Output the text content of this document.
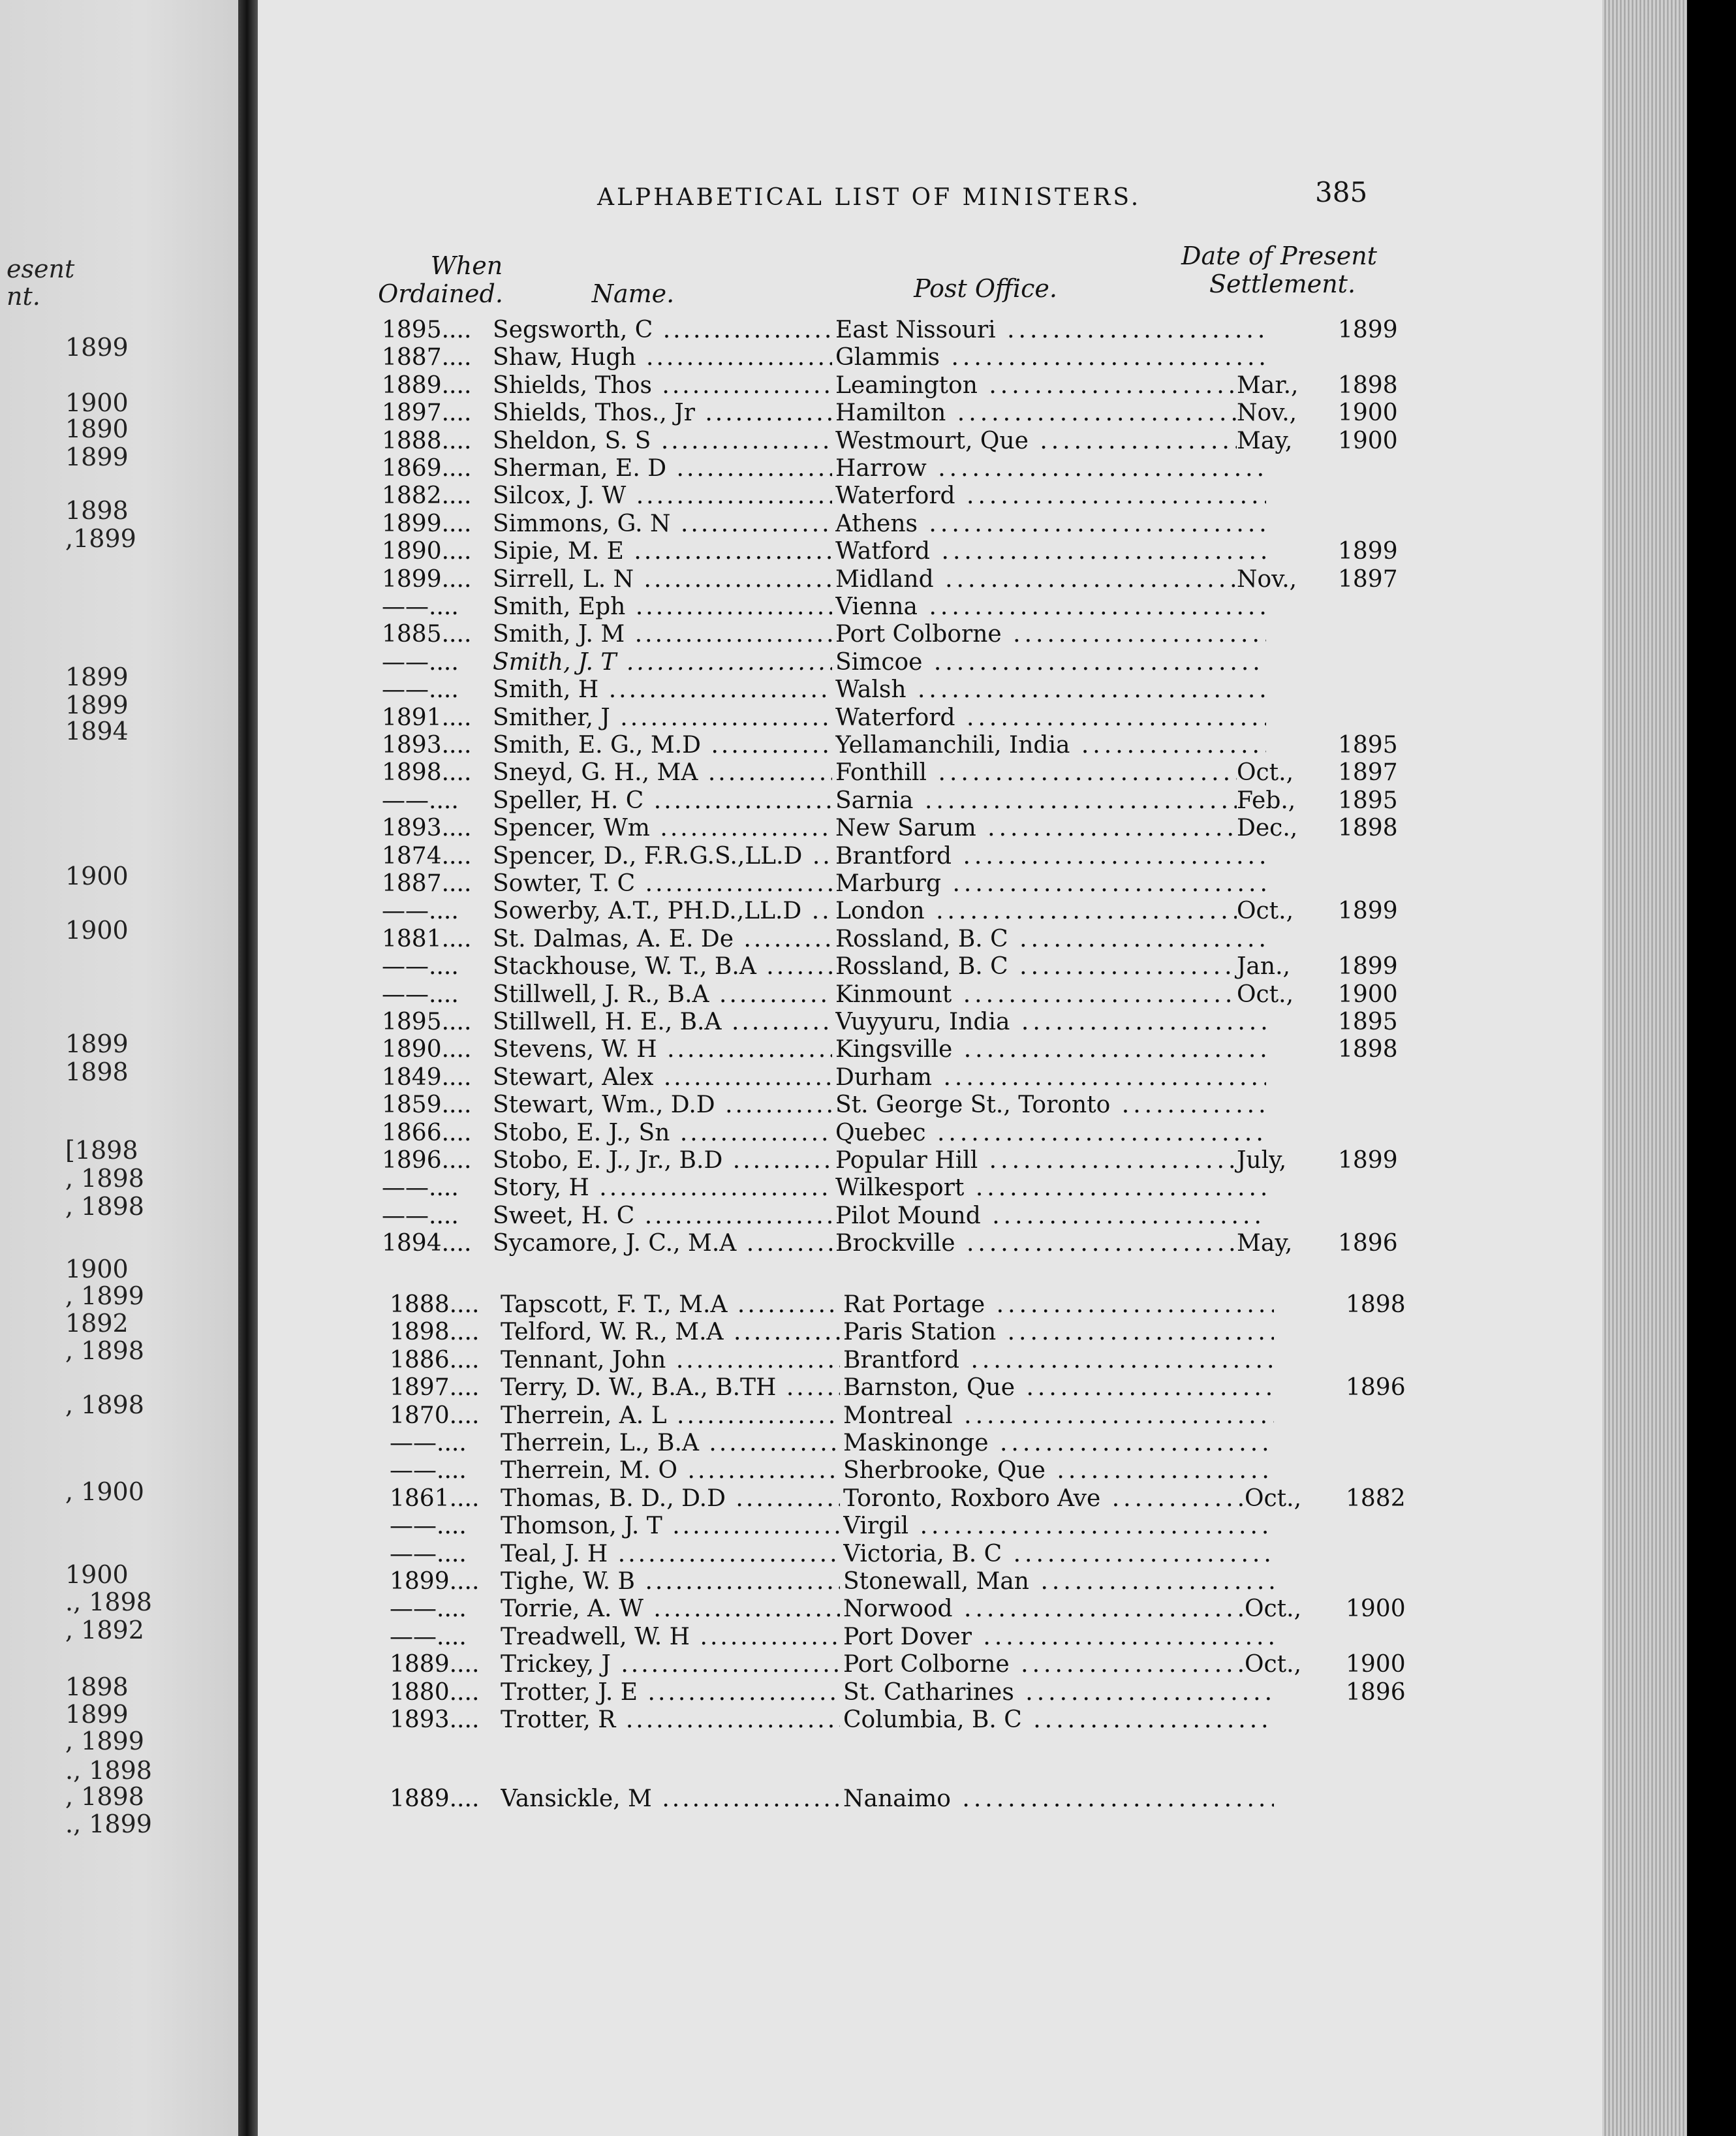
esent
nt.
1899
1900
1890
1899
1898
,1899
1899
1899
1894
1900
1900
1899
1898
[1898
, 1898
, 1898
1900
, 1899
1892
, 1898
, 1898
, 1900
1900
., 1898
, 1892
1898
1899
, 1899
., 1898
, 1898
., 1899
ALPHABETICAL LIST OF MINISTERS.	385
When
Ordained.	Name.	Post Office.
Date of Present
Settlement.
1895.... Segsworth, C .....	East Nissouri .....	1899
1887.... Shaw, Hugh .....	Glammis .....
1889.... Shields, Thos .....	Leamington .....	Mar.,	1898
1897.... Shields, Thos., Jr .....	Hamilton .....	Nov.,	1900
1888.... Sheldon, S. S .....	Westmourt, Que .....	May,	1900
1869.... Sherman, E. D .....	Harrow .....
1882.... Silcox, J. W .....	Waterford .....
1899.... Simmons, G. N .....	Athens .....
1890.... Sipie, M. E .....	Watford .....	1899
1899.... Sirrell, L. N .....	Midland .....	Nov.,	1897
——.... Smith, Eph .....	Vienna .....
1885.... Smith, J. M .....	Port Colborne .....
——.... Smith, J. T .....	Simcoe .....
——.... Smith, H .....	Walsh .....
1891.... Smither, J .....	Waterford .....
1893.... Smith, E. G., M.D .....	Yellamanchili, India .....	1895
1898.... Sneyd, G. H., MA .....	Fonthill .....	Oct.,	1897
——.... Speller, H. C .....	Sarnia .....	Feb.,	1895
1893.... Spencer, Wm .....	New Sarum .....	Dec.,	1898
1874.... Spencer, D., F.R.G.S.,LL.D .....	Brantford .....
1887.... Sowter, T. C .....	Marburg .....
——.... Sowerby, A.T., PH.D.,LL.D .....	London .....	Oct.,	1899
1881.... St. Dalmas, A. E. De .....	Rossland, B. C .....
——.... Stackhouse, W. T., B.A .....	Rossland, B. C .....	Jan.,	1899
——.... Stillwell, J. R., B.A .....	Kinmount .....	Oct.,	1900
1895.... Stillwell, H. E., B.A .....	Vuyyuru, India .....	1895
1890.... Stevens, W. H .....	Kingsville .....	1898
1849.... Stewart, Alex .....	Durham .....
1859.... Stewart, Wm., D.D .....	St. George St., Toronto .....
1866.... Stobo, E. J., Sn .....	Quebec .....
1896.... Stobo, E. J., Jr., B.D .....	Popular Hill .....	July,	1899
——.... Story, H .....	Wilkesport .....
——.... Sweet, H. C .....	Pilot Mound .....
1894.... Sycamore, J. C., M.A .....	Brockville .....	May,	1896
1888.... Tapscott, F. T., M.A .....	Rat Portage .....	1898
1898.... Telford, W. R., M.A .....	Paris Station .....
1886.... Tennant, John .....	Brantford .....
1897.... Terry, D. W., B.A., B.TH .....	Barnston, Que .....	1896
1870.... Therrein, A. L .....	Montreal .....
——.... Therrein, L., B.A .....	Maskinonge .....
——.... Therrein, M. O .....	Sherbrooke, Que .....
1861.... Thomas, B. D., D.D .....	Toronto, Roxboro Ave .....	Oct.,	1882
——.... Thomson, J. T .....	Virgil .....
——.... Teal, J. H .....	Victoria, B. C .....
1899.... Tighe, W. B .....	Stonewall, Man .....
——.... Torrie, A. W .....	Norwood .....	Oct.,	1900
——.... Treadwell, W. H .....	Port Dover .....
1889.... Trickey, J .....	Port Colborne .....	Oct.,	1900
1880.... Trotter, J. E .....	St. Catharines .....	1896
1893.... Trotter, R .....	Columbia, B. C .....
1889.... Vansickle, M .....	Nanaimo .....
